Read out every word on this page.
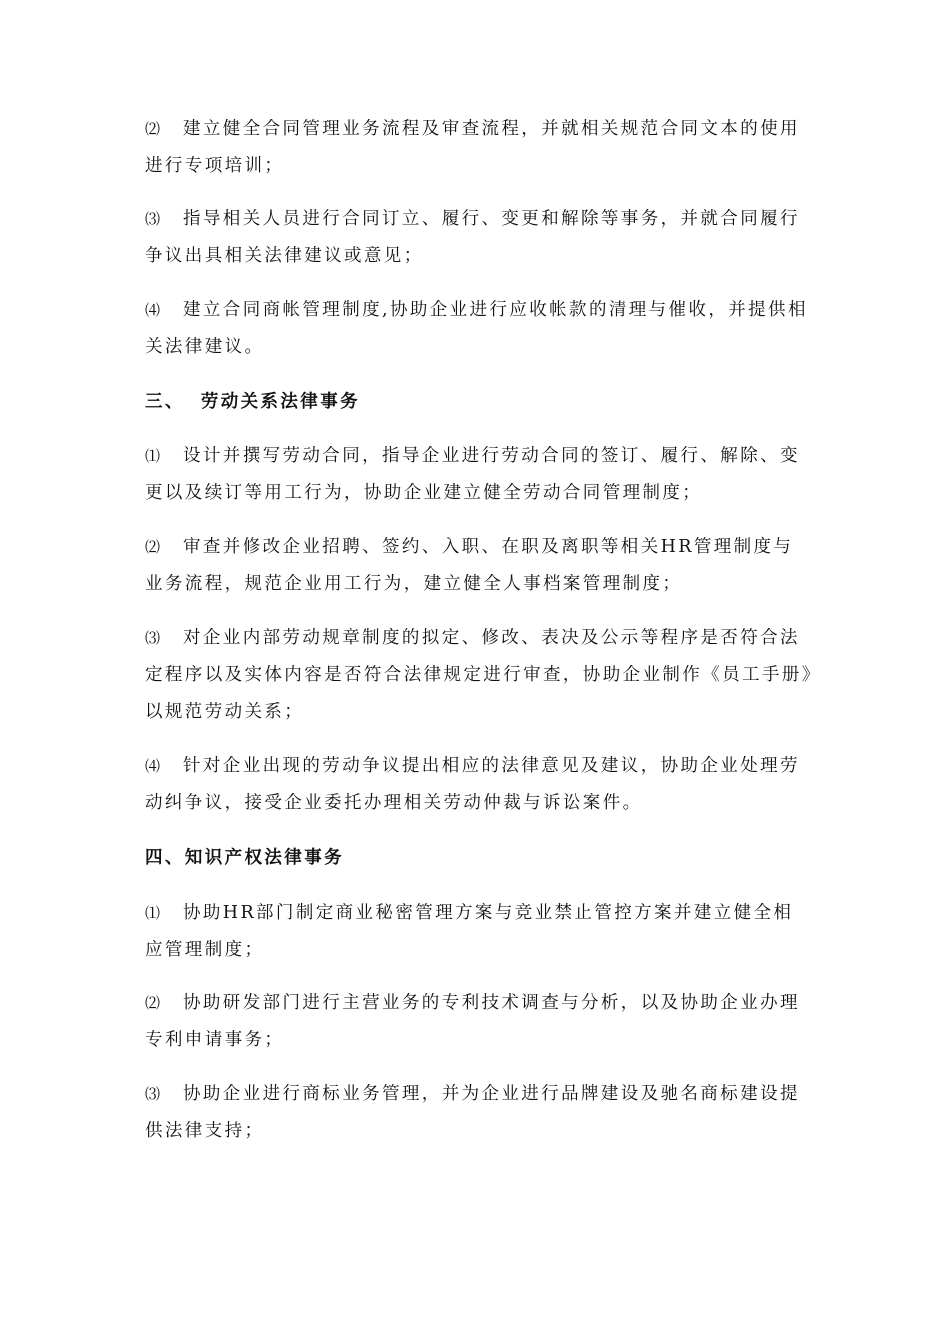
⑵	建立健全合同管理业务流程及审查流程，并就相关规范合同文本的使用进行专项培训；
⑶	指导相关人员进行合同订立、履行、变更和解除等事务，并就合同履行争议出具相关法律建议或意见；
⑷	建立合同商帐管理制度,协助企业进行应收帐款的清理与催收，并提供相关法律建议。
三、 劳动关系法律事务
⑴	设计并撰写劳动合同，指导企业进行劳动合同的签订、履行、解除、变更以及续订等用工行为，协助企业建立健全劳动合同管理制度；
⑵	审查并修改企业招聘、签约、入职、在职及离职等相关HR管理制度与业务流程，规范企业用工行为，建立健全人事档案管理制度；
⑶	对企业内部劳动规章制度的拟定、修改、表决及公示等程序是否符合法定程序以及实体内容是否符合法律规定进行审查，协助企业制作《员工手册》以规范劳动关系；
⑷	针对企业出现的劳动争议提出相应的法律意见及建议，协助企业处理劳动纠争议，接受企业委托办理相关劳动仲裁与诉讼案件。
四、知识产权法律事务
⑴	协助HR部门制定商业秘密管理方案与竞业禁止管控方案并建立健全相应管理制度；
⑵	协助研发部门进行主营业务的专利技术调查与分析，以及协助企业办理专利申请事务；
⑶	协助企业进行商标业务管理，并为企业进行品牌建设及驰名商标建设提供法律支持；
